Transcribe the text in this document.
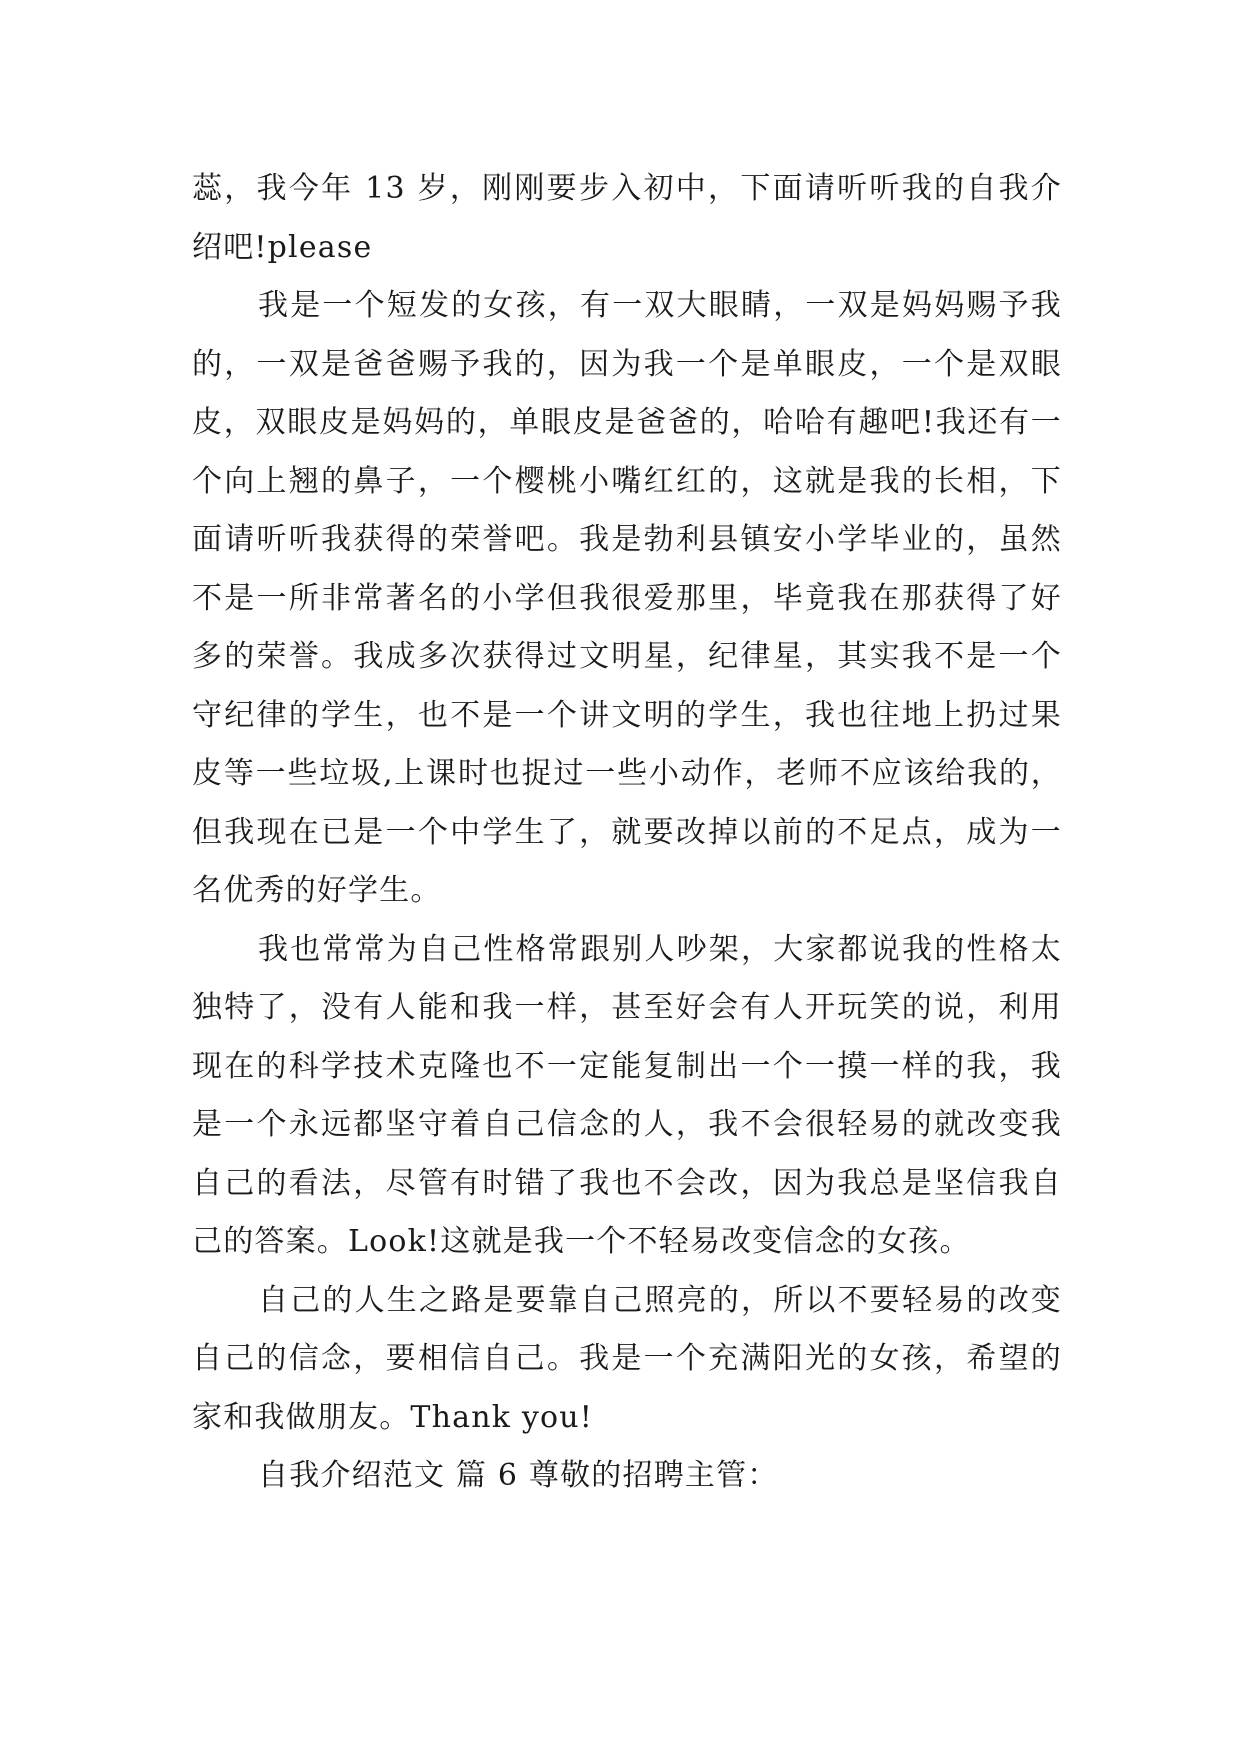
蕊，我今年 13 岁，刚刚要步入初中，下面请听听我的自我介绍吧!please

我是一个短发的女孩，有一双大眼睛，一双是妈妈赐予我的，一双是爸爸赐予我的，因为我一个是单眼皮，一个是双眼皮，双眼皮是妈妈的，单眼皮是爸爸的，哈哈有趣吧!我还有一个向上翘的鼻子，一个樱桃小嘴红红的，这就是我的长相，下面请听听我获得的荣誉吧。我是勃利县镇安小学毕业的，虽然不是一所非常著名的小学但我很爱那里，毕竟我在那获得了好多的荣誉。我成多次获得过文明星，纪律星，其实我不是一个守纪律的学生，也不是一个讲文明的学生，我也往地上扔过果皮等一些垃圾,上课时也捉过一些小动作，老师不应该给我的，但我现在已是一个中学生了，就要改掉以前的不足点，成为一名优秀的好学生。

我也常常为自己性格常跟别人吵架，大家都说我的性格太独特了，没有人能和我一样，甚至好会有人开玩笑的说，利用现在的科学技术克隆也不一定能复制出一个一摸一样的我，我是一个永远都坚守着自己信念的人，我不会很轻易的就改变我自己的看法，尽管有时错了我也不会改，因为我总是坚信我自己的答案。Look!这就是我一个不轻易改变信念的女孩。

自己的人生之路是要靠自己照亮的，所以不要轻易的改变自己的信念，要相信自己。我是一个充满阳光的女孩，希望的家和我做朋友。Thank you!

自我介绍范文 篇 6 尊敬的招聘主管：
